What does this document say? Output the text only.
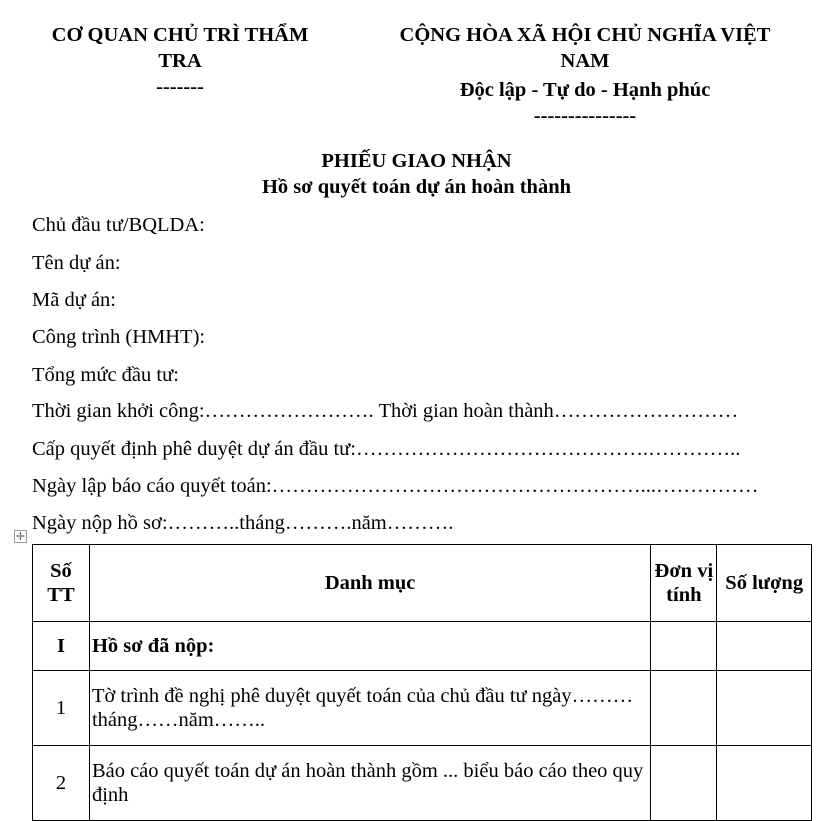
CƠ QUAN CHỦ TRÌ THẨM
TRA
-------
CỘNG HÒA XÃ HỘI CHỦ NGHĨA VIỆT
NAM
Độc lập - Tự do - Hạnh phúc
---------------
PHIẾU GIAO NHẬN
Hồ sơ quyết toán dự án hoàn thành
Chủ đầu tư/BQLDA:
Tên dự án:
Mã dự án:
Công trình (HMHT):
Tổng mức đầu tư:
Thời gian khởi công:……………………. Thời gian hoàn thành………………………
Cấp quyết định phê duyệt dự án đầu tư:…………………………………….…………..
Ngày lập báo cáo quyết toán:………………………………………………...……………
Ngày nộp hồ sơ:………..tháng……….năm……….
✛
Số TT	Danh mục	Đơn vị tính	Số lượng
I	Hồ sơ đã nộp:		
1	Tờ trình đề nghị phê duyệt quyết toán của chủ đầu tư ngày………tháng……năm……..		
2	Báo cáo quyết toán dự án hoàn thành gồm ... biểu báo cáo theo quy định		
